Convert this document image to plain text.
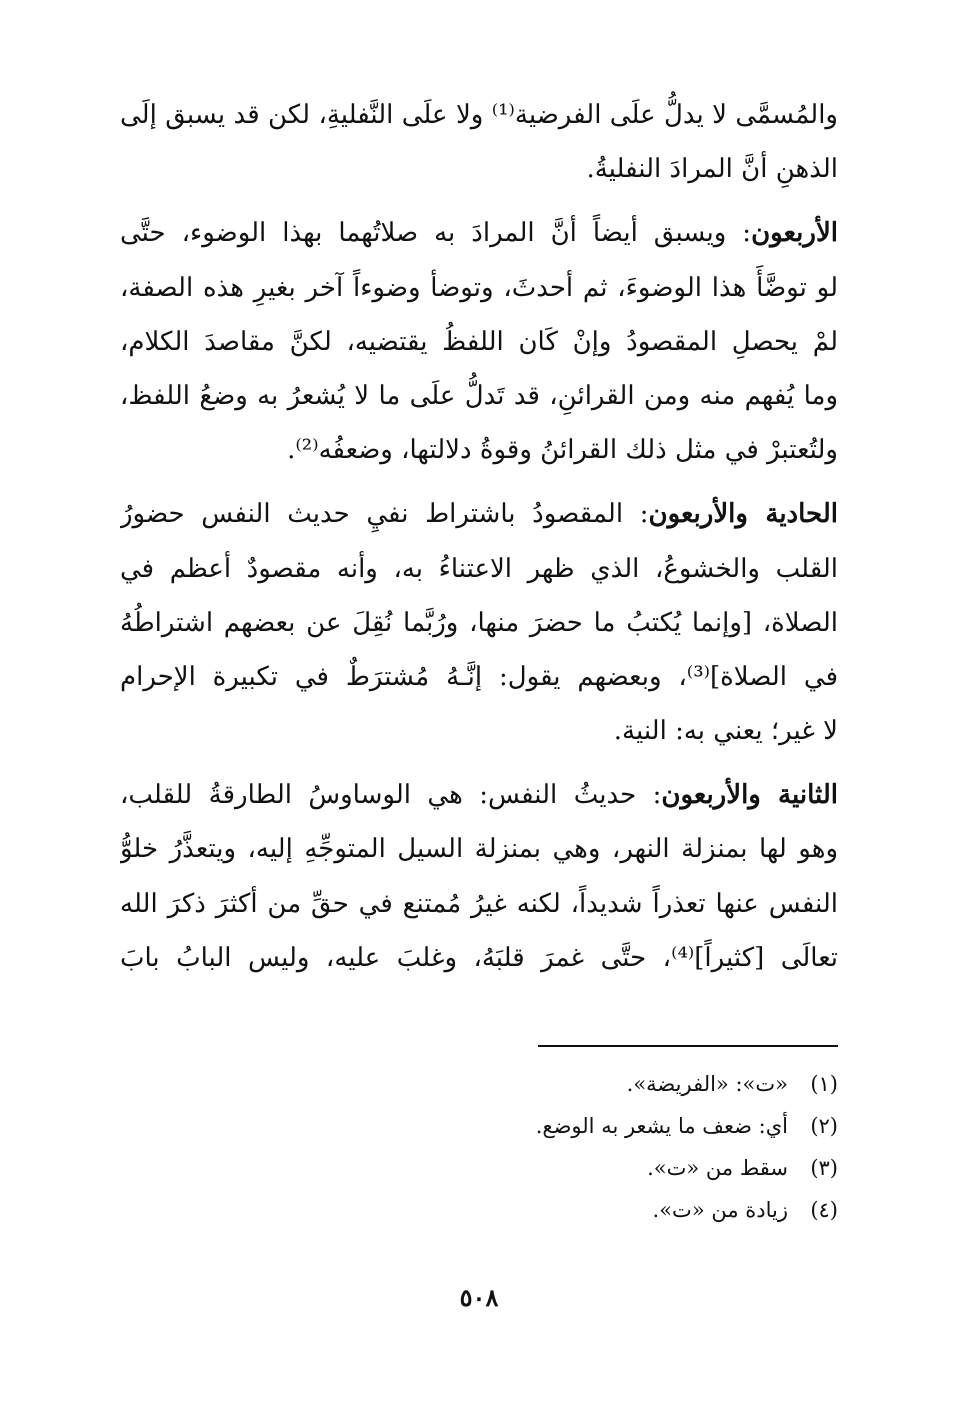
والمُسمَّى لا يدلُّ علَى الفرضية⁽¹⁾ ولا علَى النَّفليةِ، لكن قد يسبق إلَى
الذهنِ أنَّ المرادَ النفليةُ.
الأربعون: ويسبق أيضاً أنَّ المرادَ به صلاتُهما بهذا الوضوء، حتَّى
لو توضَّأَ هذا الوضوءَ، ثم أحدثَ، وتوضأ وضوءاً آخر بغيرِ هذه الصفة،
لمْ يحصلِ المقصودُ وإنْ كَان اللفظُ يقتضيه، لكنَّ مقاصدَ الكلام،
وما يُفهم منه ومن القرائنِ، قد تَدلُّ علَى ما لا يُشعرُ به وضعُ اللفظ،
ولتُعتبرْ في مثل ذلك القرائنُ وقوةُ دلالتها، وضعفُه⁽²⁾.
الحادية والأربعون: المقصودُ باشتراط نفيِ حديث النفس حضورُ
القلب والخشوعُ، الذي ظهر الاعتناءُ به، وأنه مقصودٌ أعظم في
الصلاة، [وإنما يُكتبُ ما حضرَ منها، ورُبَّما نُقِلَ عن بعضهم اشتراطُهُ
في الصلاة]⁽³⁾، وبعضهم يقول: إنَّـهُ مُشترَطٌ في تكبيرة الإحرام
لا غير؛ يعني به: النية.
الثانية والأربعون: حديثُ النفس: هي الوساوسُ الطارقةُ للقلب،
وهو لها بمنزلة النهر، وهي بمنزلة السيل المتوجِّهِ إليه، ويتعذَّرُ خلوُّ
النفس عنها تعذراً شديداً، لكنه غيرُ مُمتنع في حقِّ من أكثرَ ذكرَ الله
تعالَى [كثيراً]⁽⁴⁾، حتَّى غمرَ قلبَهُ، وغلبَ عليه، وليس البابُ بابَ
(١)«ت»: «الفريضة».
(٢)أي: ضعف ما يشعر به الوضع.
(٣)سقط من «ت».
(٤)زيادة من «ت».
٥٠٨
